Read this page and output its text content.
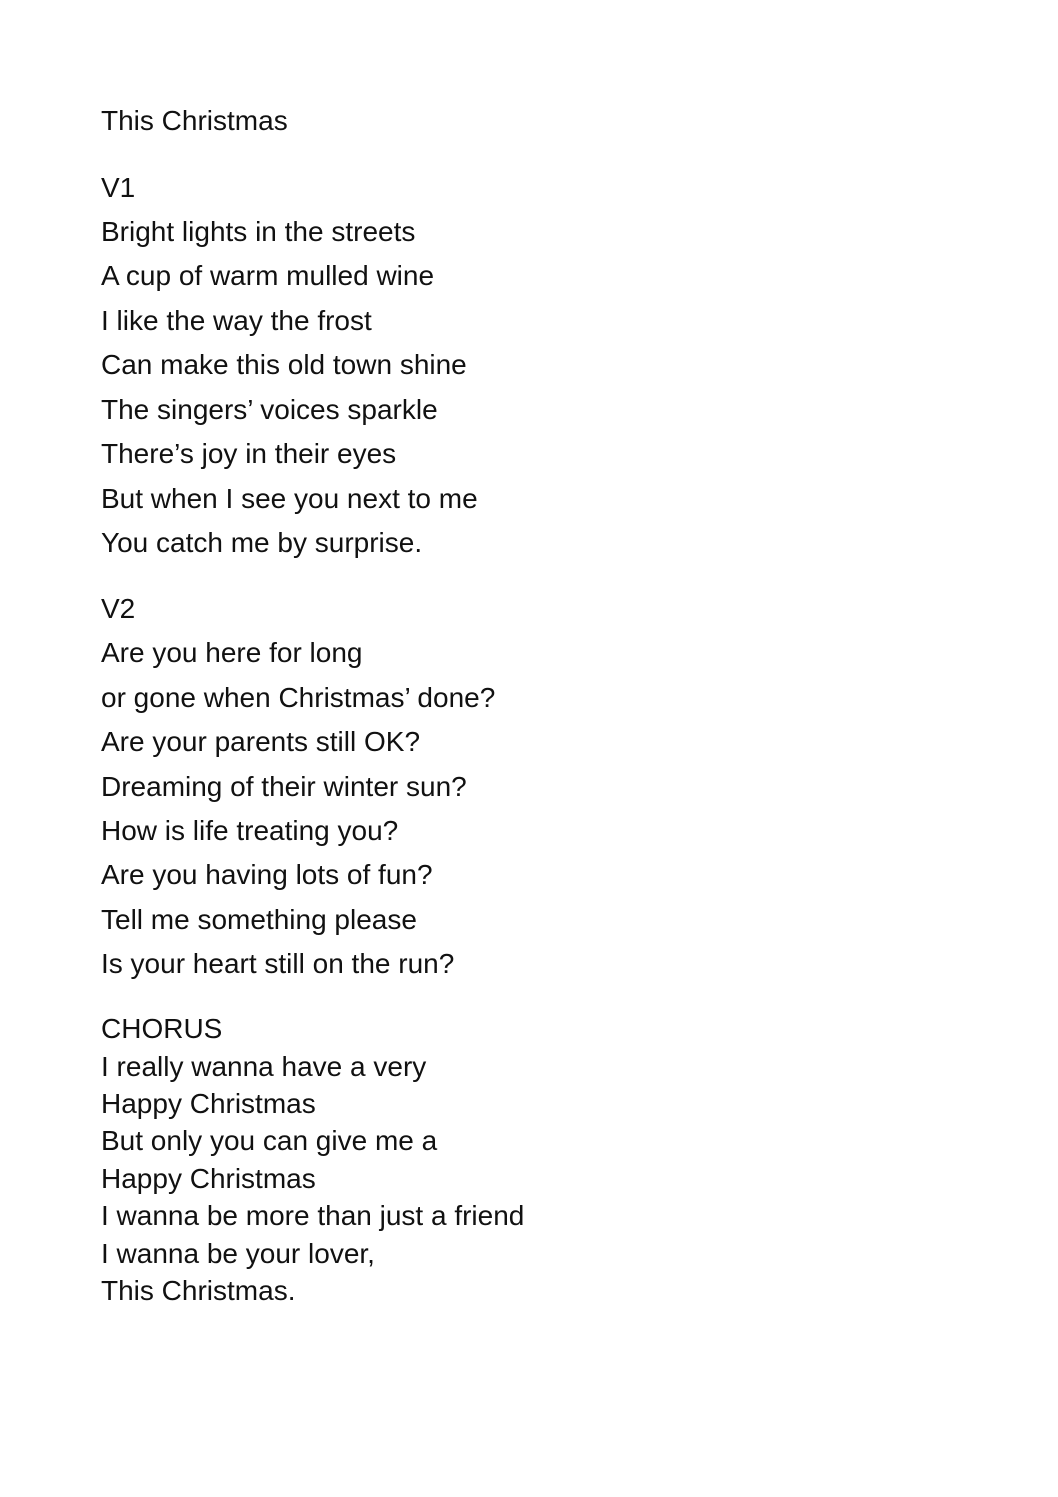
This Christmas
V1
Bright lights in the streets
A cup of warm mulled wine
I like the way the frost
Can make this old town shine
The singers’ voices sparkle
There’s joy in their eyes
But when I see you next to me
You catch me by surprise.
V2
Are you here for long
or gone when Christmas’ done?
Are your parents still OK?
Dreaming of their winter sun?
How is life treating you?
Are you having lots of fun?
Tell me something please
Is your heart still on the run?
CHORUS
I really wanna have a very
Happy Christmas
But only you can give me a
Happy Christmas
I wanna be more than just a friend
I wanna be your lover,
This Christmas.
